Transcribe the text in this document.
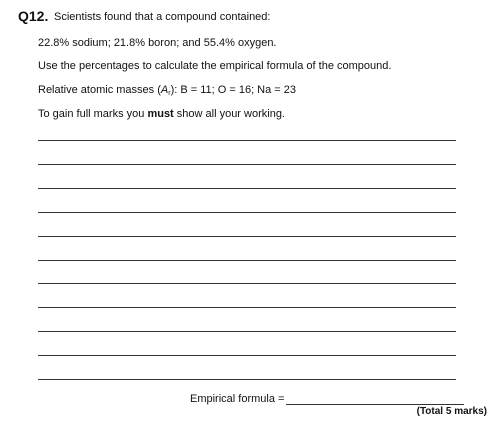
Q12. Scientists found that a compound contained:
22.8% sodium; 21.8% boron; and 55.4% oxygen.
Use the percentages to calculate the empirical formula of the compound.
Relative atomic masses (Ar): B = 11; O = 16; Na = 23
To gain full marks you must show all your working.
Empirical formula =
(Total 5 marks)
